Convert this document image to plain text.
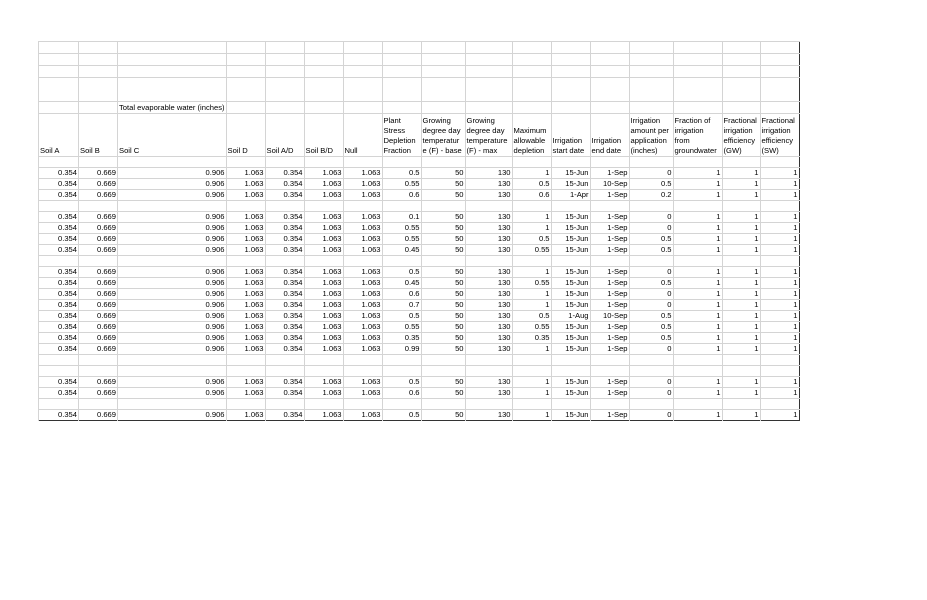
		Total evaporable water (inches)														
Soil A	Soil B	Soil C	Soil D	Soil A/D	Soil B/D	Null	Plant Stress Depletion Fraction	Growing degree day temperatur e (F) - base	Growing degree day temperature (F) - max	Maximum allowable depletion	Irrigation start date	Irrigation end date	Irrigation amount per application (inches)	Fraction of irrigation from groundwater	Fractional irrigation efficiency (GW)	Fractional irrigation efficiency (SW)

0.354	0.669	0.906	1.063	0.354	1.063	1.063	0.5	50	130	1	15-Jun	1-Sep	0	1	1	1
0.354	0.669	0.906	1.063	0.354	1.063	1.063	0.55	50	130	0.5	15-Jun	10-Sep	0.5	1	1	1
0.354	0.669	0.906	1.063	0.354	1.063	1.063	0.6	50	130	0.6	1-Apr	1-Sep	0.2	1	1	1

0.354	0.669	0.906	1.063	0.354	1.063	1.063	0.1	50	130	1	15-Jun	1-Sep	0	1	1	1
0.354	0.669	0.906	1.063	0.354	1.063	1.063	0.55	50	130	1	15-Jun	1-Sep	0	1	1	1
0.354	0.669	0.906	1.063	0.354	1.063	1.063	0.55	50	130	0.5	15-Jun	1-Sep	0.5	1	1	1
0.354	0.669	0.906	1.063	0.354	1.063	1.063	0.45	50	130	0.55	15-Jun	1-Sep	0.5	1	1	1

0.354	0.669	0.906	1.063	0.354	1.063	1.063	0.5	50	130	1	15-Jun	1-Sep	0	1	1	1
0.354	0.669	0.906	1.063	0.354	1.063	1.063	0.45	50	130	0.55	15-Jun	1-Sep	0.5	1	1	1
0.354	0.669	0.906	1.063	0.354	1.063	1.063	0.6	50	130	1	15-Jun	1-Sep	0	1	1	1
0.354	0.669	0.906	1.063	0.354	1.063	1.063	0.7	50	130	1	15-Jun	1-Sep	0	1	1	1
0.354	0.669	0.906	1.063	0.354	1.063	1.063	0.5	50	130	0.5	1-Aug	10-Sep	0.5	1	1	1
0.354	0.669	0.906	1.063	0.354	1.063	1.063	0.55	50	130	0.55	15-Jun	1-Sep	0.5	1	1	1
0.354	0.669	0.906	1.063	0.354	1.063	1.063	0.35	50	130	0.35	15-Jun	1-Sep	0.5	1	1	1
0.354	0.669	0.906	1.063	0.354	1.063	1.063	0.99	50	130	1	15-Jun	1-Sep	0	1	1	1

0.354	0.669	0.906	1.063	0.354	1.063	1.063	0.5	50	130	1	15-Jun	1-Sep	0	1	1	1
0.354	0.669	0.906	1.063	0.354	1.063	1.063	0.6	50	130	1	15-Jun	1-Sep	0	1	1	1

0.354	0.669	0.906	1.063	0.354	1.063	1.063	0.5	50	130	1	15-Jun	1-Sep	0	1	1	1
